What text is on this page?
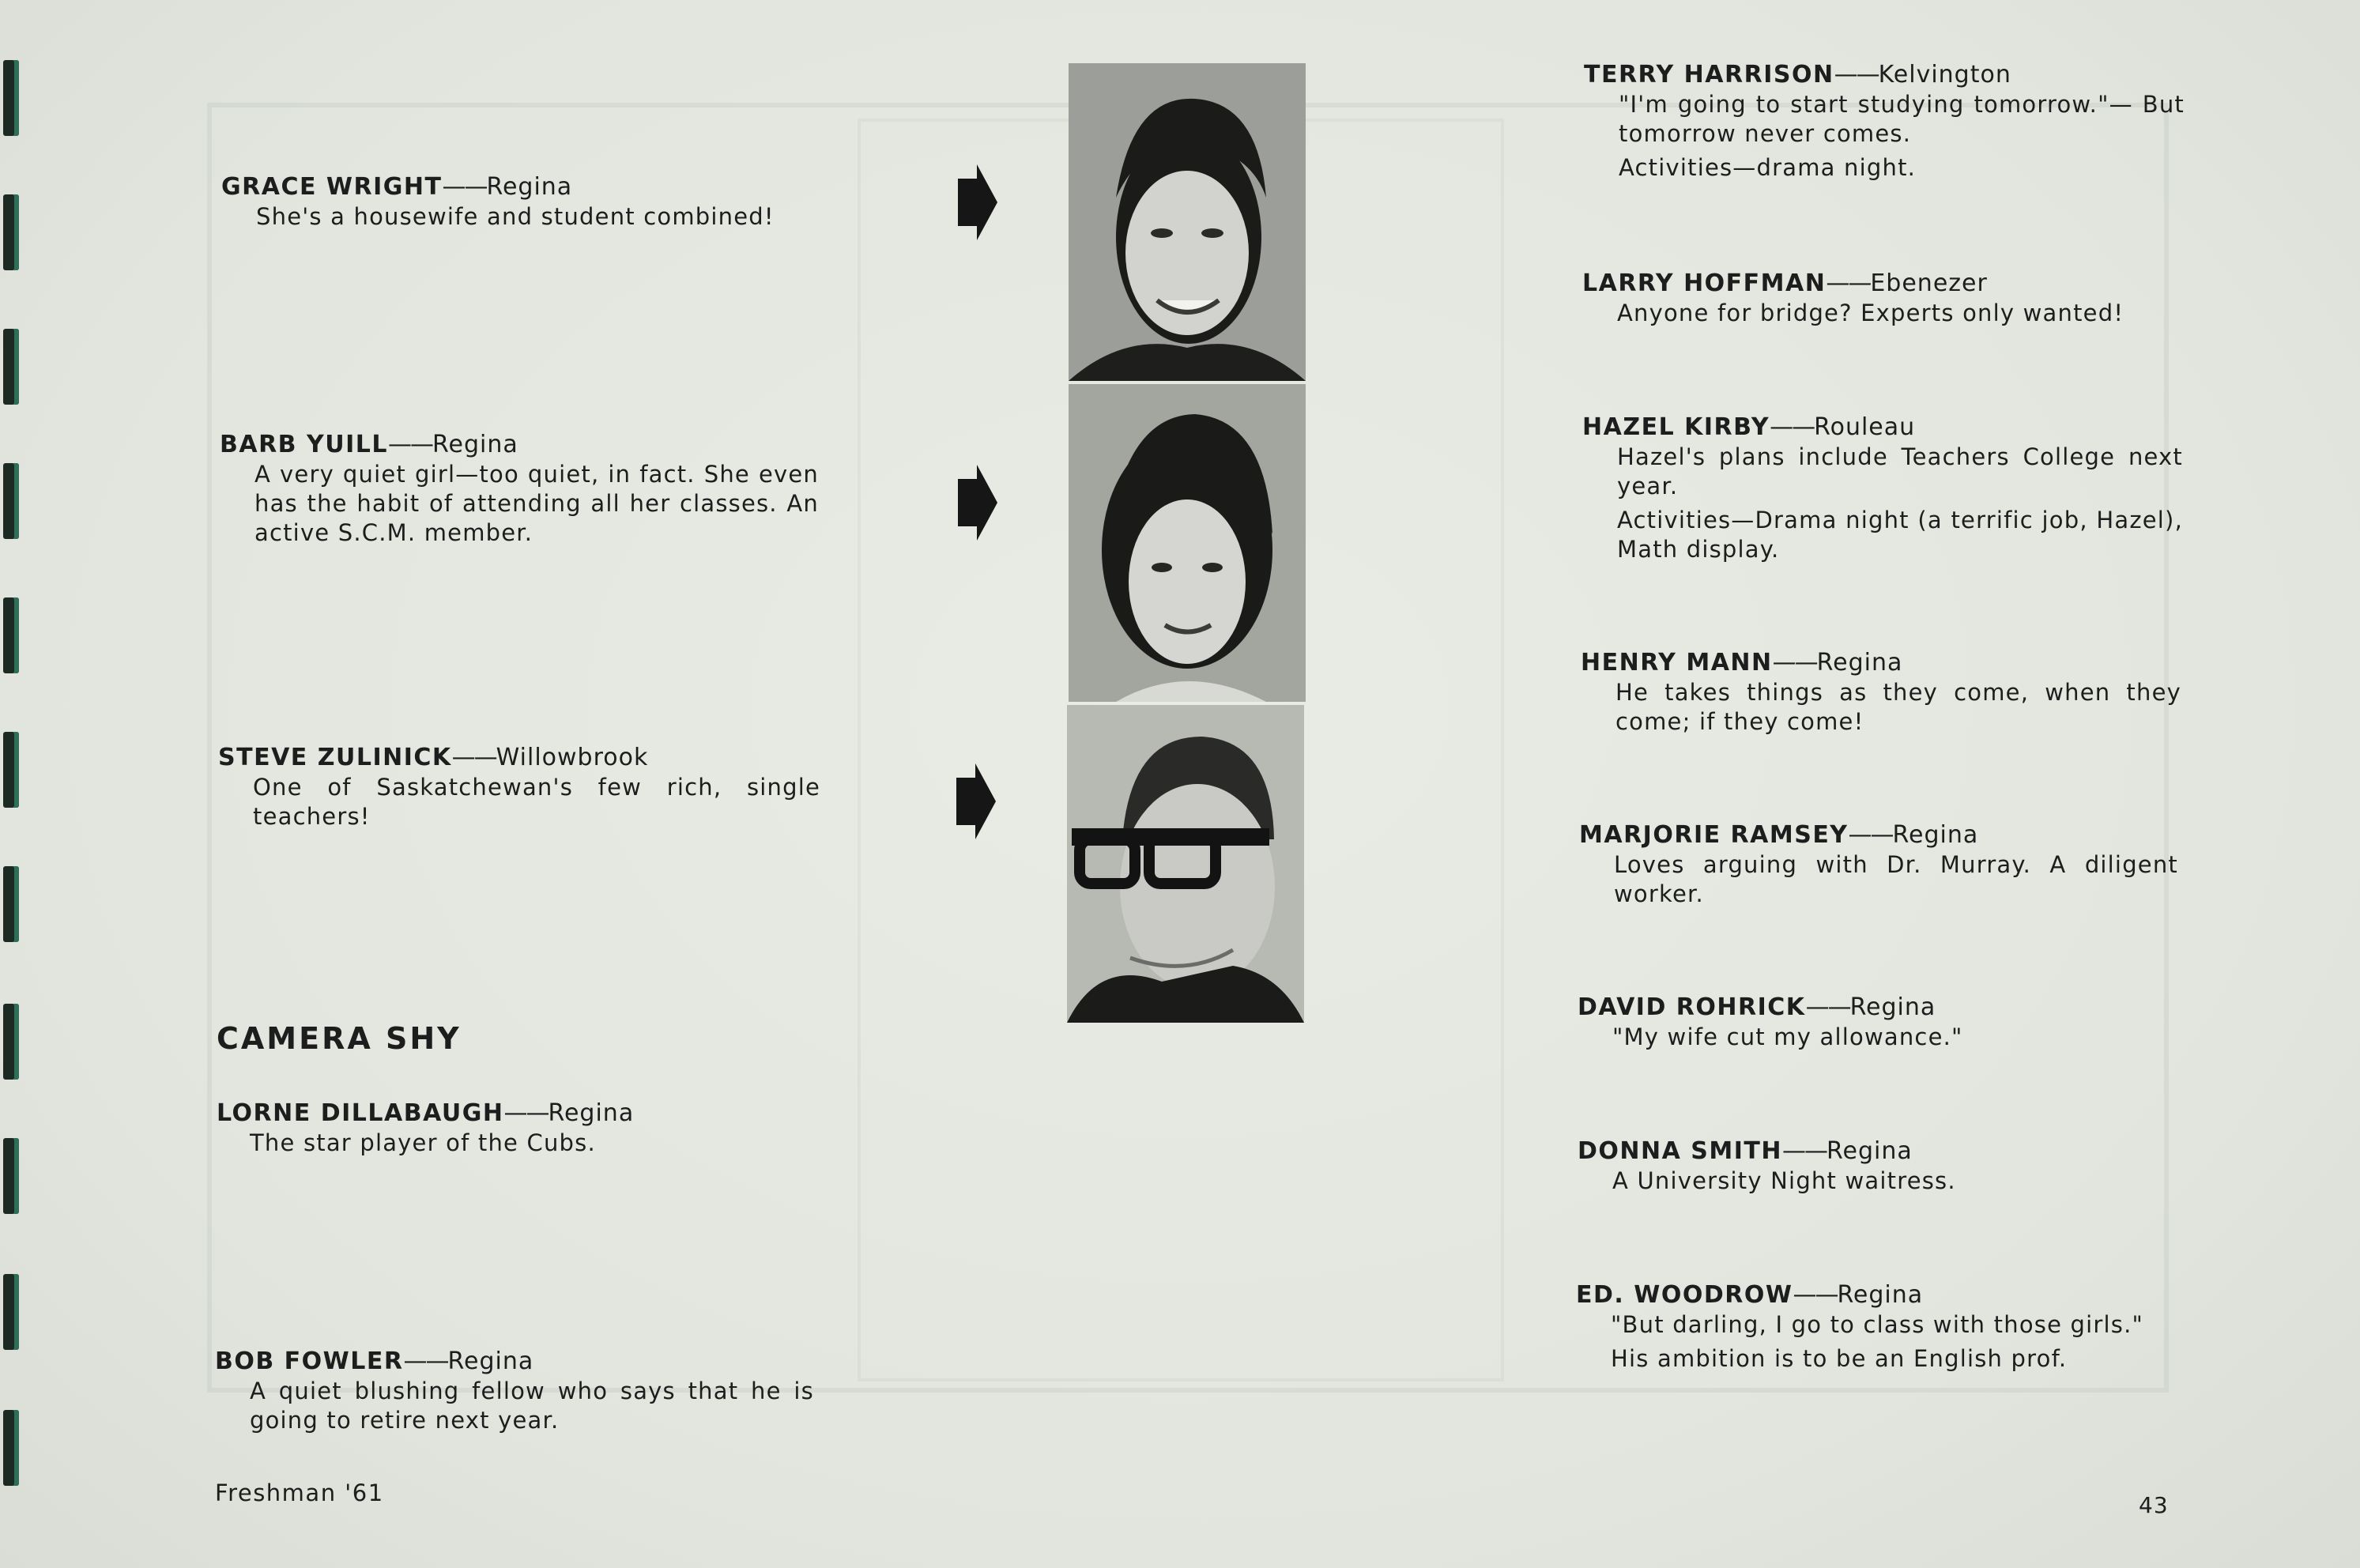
GRACE WRIGHT——Regina
She's a housewife and student combined!
BARB YUILL——Regina
A very quiet girl—too quiet, in fact. She even has the habit of attending all her classes. An active S.C.M. member.
STEVE ZULINICK——Willowbrook
One of Saskatchewan's few rich, single teachers!
CAMERA SHY
LORNE DILLABAUGH——Regina
The star player of the Cubs.
BOB FOWLER——Regina
A quiet blushing fellow who says that he is going to retire next year.
TERRY HARRISON——Kelvington
"I'm going to start studying tomorrow."— But tomorrow never comes.
Activities—drama night.
LARRY HOFFMAN——Ebenezer
Anyone for bridge? Experts only wanted!
HAZEL KIRBY——Rouleau
Hazel's plans include Teachers College next year.
Activities—Drama night (a terrific job, Hazel), Math display.
HENRY MANN——Regina
He takes things as they come, when they come; if they come!
MARJORIE RAMSEY——Regina
Loves arguing with Dr. Murray. A diligent worker.
DAVID ROHRICK——Regina
"My wife cut my allowance."
DONNA SMITH——Regina
A University Night waitress.
ED. WOODROW——Regina
"But darling, I go to class with those girls."
His ambition is to be an English prof.
Freshman '61	43
